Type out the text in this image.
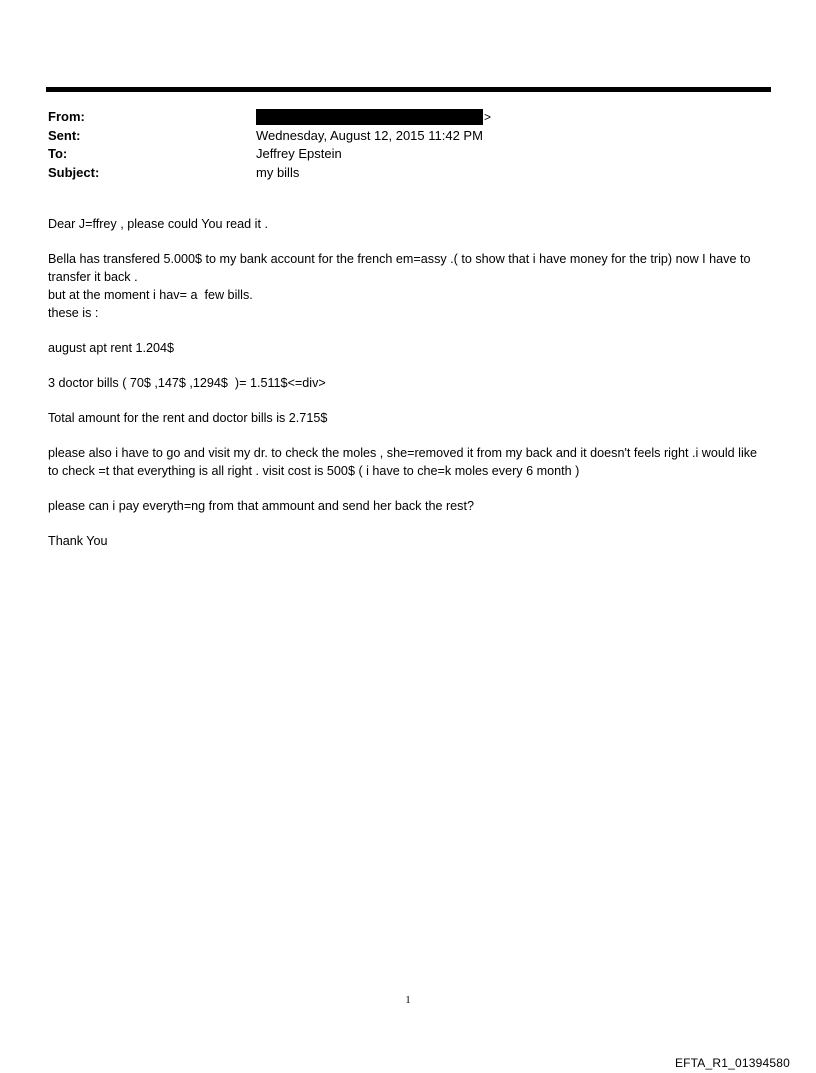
From:	>
Sent:	Wednesday, August 12, 2015 11:42 PM
To:	Jeffrey Epstein
Subject:	my bills

Dear J=ffrey , please could You read it .

Bella has transfered 5.000$ to my bank account for the french em=assy .( to show that i have money for the trip) now I have to transfer it back .

but at the moment i hav= a  few bills.

these is :

august apt rent 1.204$

3 doctor bills ( 70$ ,147$ ,1294$  )= 1.511$<=div>

Total amount for the rent and doctor bills is 2.715$

please also i have to go and visit my dr. to check the moles , she=removed it from my back and it doesn't feels right .i would like to check =t that everything is all right . visit cost is 500$ ( i have to che=k moles every 6 month )

please can i pay everyth=ng from that ammount and send her back the rest?

Thank You

1
EFTA_R1_01394580
